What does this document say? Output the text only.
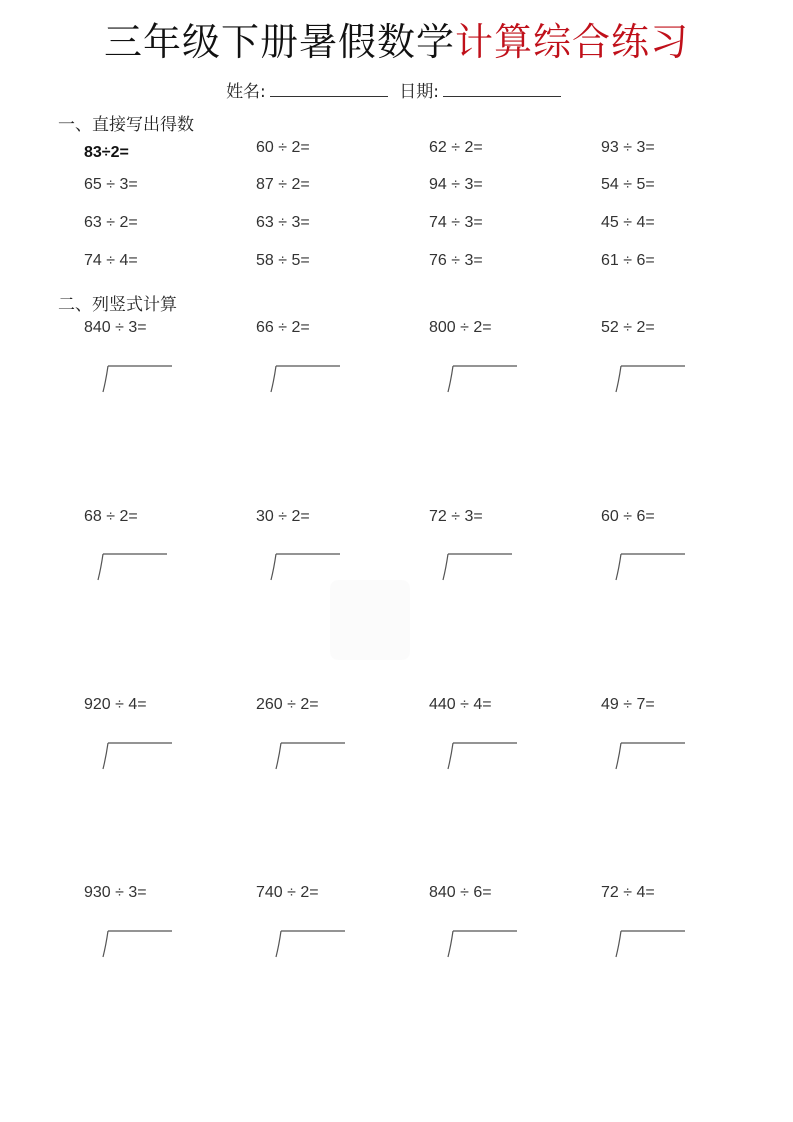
三年级下册暑假数学计算综合练习
姓名:	日期:
一、直接写出得数
83÷2=	60 ÷ 2=	62 ÷ 2=	93 ÷ 3=
65 ÷ 3=	87 ÷ 2=	94 ÷ 3=	54 ÷ 5=
63 ÷ 2=	63 ÷ 3=	74 ÷ 3=	45 ÷ 4=
74 ÷ 4=	58 ÷ 5=	76 ÷ 3=	61 ÷ 6=
二、列竖式计算
840 ÷ 3=	66 ÷ 2=	800 ÷ 2=	52 ÷ 2=
68 ÷ 2=	30 ÷ 2=	72 ÷ 3=	60 ÷ 6=
920 ÷ 4=	260 ÷ 2=	440 ÷ 4=	49 ÷ 7=
930 ÷ 3=	740 ÷ 2=	840 ÷ 6=	72 ÷ 4=
